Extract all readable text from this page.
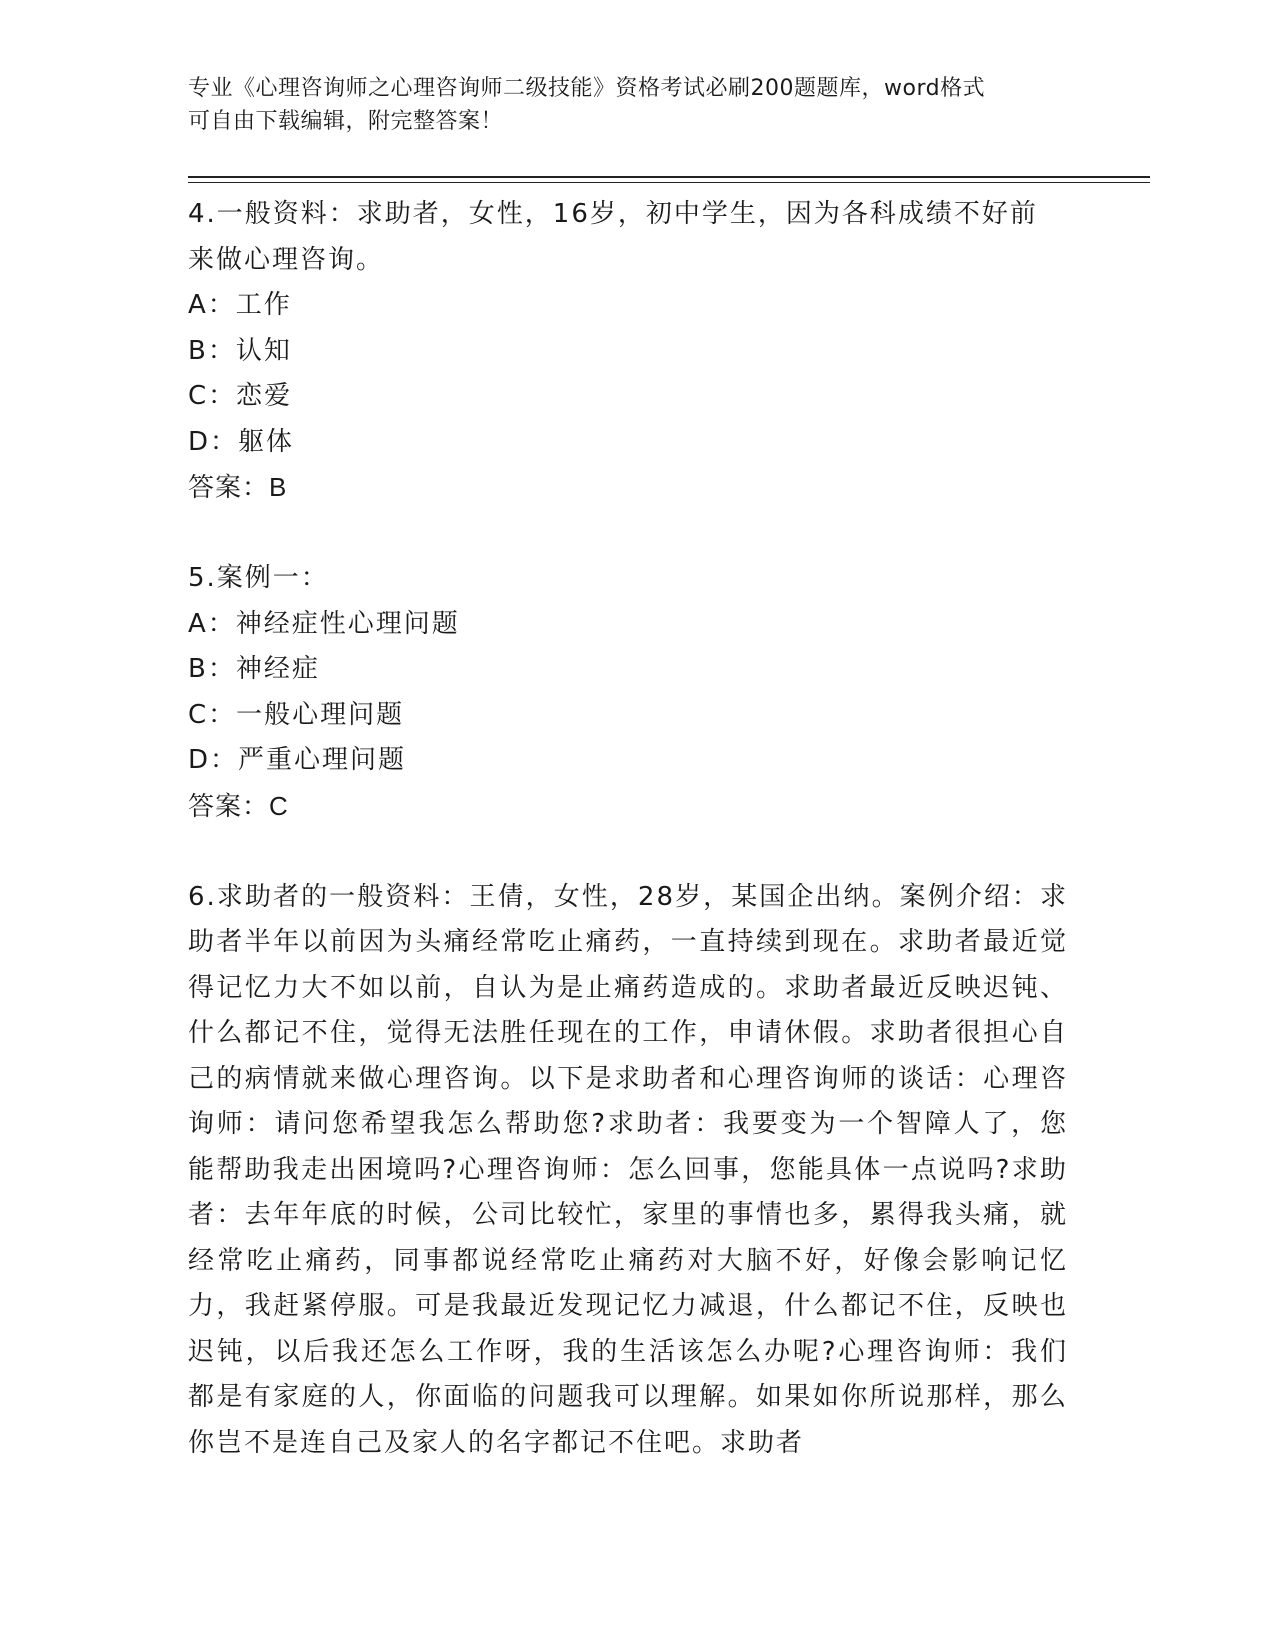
专业《心理咨询师之心理咨询师二级技能》资格考试必刷200题题库，word格式
可自由下载编辑，附完整答案！
4.一般资料：求助者，女性，16岁，初中学生，因为各科成绩不好前
来做心理咨询。
A：工作
B：认知
C：恋爱
D：躯体
答案：B
5.案例一：
A：神经症性心理问题
B：神经症
C：一般心理问题
D：严重心理问题
答案：C
6.求助者的一般资料：王倩，女性，28岁，某国企出纳。案例介绍：求助者半年以前因为头痛经常吃止痛药，一直持续到现在。求助者最近觉得记忆力大不如以前，自认为是止痛药造成的。求助者最近反映迟钝、什么都记不住，觉得无法胜任现在的工作，申请休假。求助者很担心自己的病情就来做心理咨询。以下是求助者和心理咨询师的谈话：心理咨询师：请问您希望我怎么帮助您?求助者：我要变为一个智障人了，您能帮助我走出困境吗?心理咨询师：怎么回事，您能具体一点说吗?求助者：去年年底的时候，公司比较忙，家里的事情也多，累得我头痛，就经常吃止痛药，同事都说经常吃止痛药对大脑不好，好像会影响记忆力，我赶紧停服。可是我最近发现记忆力减退，什么都记不住，反映也迟钝，以后我还怎么工作呀，我的生活该怎么办呢?心理咨询师：我们都是有家庭的人，你面临的问题我可以理解。如果如你所说那样，那么你岂不是连自己及家人的名字都记不住吧。求助者
